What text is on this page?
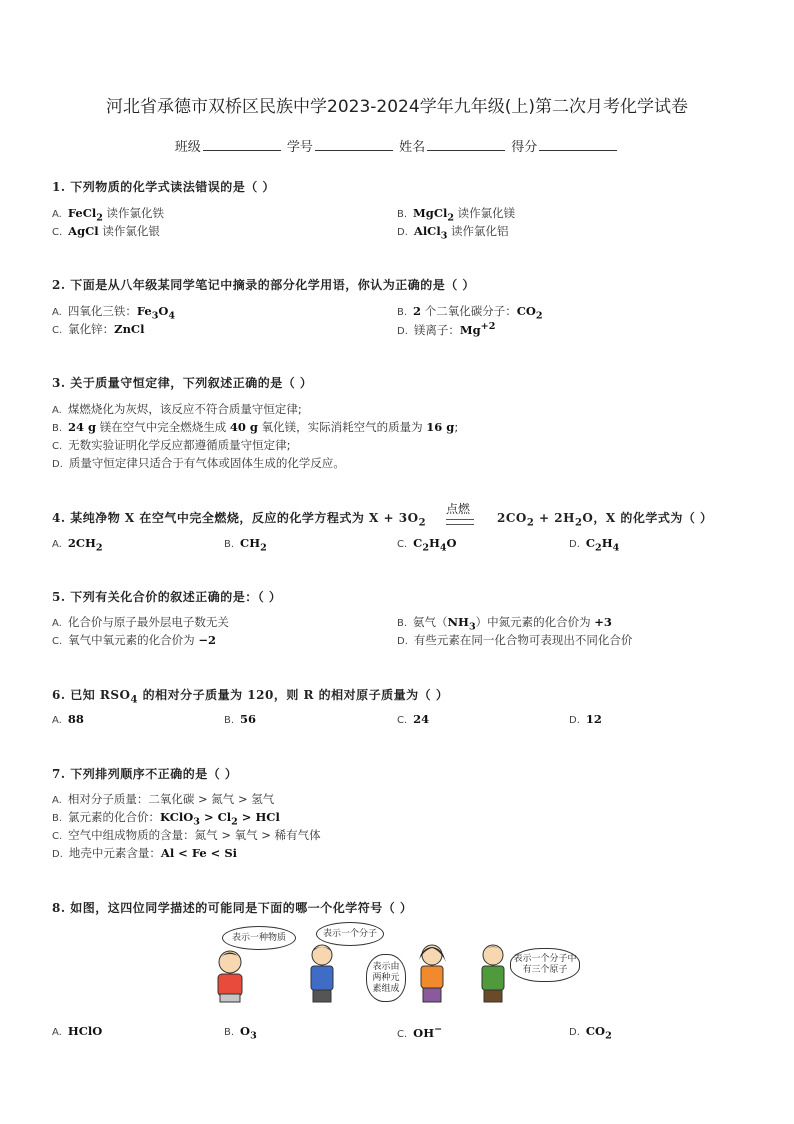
河北省承德市双桥区民族中学2023-2024学年九年级(上)第二次月考化学试卷
班级	学号	姓名	得分
1. 下列物质的化学式读法错误的是（ ）
A. FeCl$_2$ 读作氯化铁	B. MgCl$_2$ 读作氯化镁
C. AgCl 读作氯化银	D. AlCl$_3$ 读作氯化铝
2. 下面是从八年级某同学笔记中摘录的部分化学用语，你认为正确的是（ ）
A. 四氧化三铁：$Fe_3O_4$	B. 2 个二氧化碳分子：$CO_2$
C. 氯化锌：ZnCl	D. 镁离子：$Mg^{+2}$
3. 关于质量守恒定律，下列叙述正确的是（ ）
A. 煤燃烧化为灰烬，该反应不符合质量守恒定律;
B. 24 g 镁在空气中完全燃烧生成 40 g 氧化镁，实际消耗空气的质量为 16 g;
C. 无数实验证明化学反应都遵循质量守恒定律;
D. 质量守恒定律只适合于有气体或固体生成的化学反应。
4. 某纯净物 X 在空气中完全燃烧，反应的化学方程式为 $X + 3O_2$
点燃
$2CO_2 + 2H_2O$，X 的化学式为（ ）
A. $2CH_2$	B. $CH_2$	C. $C_2H_4O$	D. $C_2H_4$
5. 下列有关化合价的叙述正确的是：（ ）
A. 化合价与原子最外层电子数无关	B. 氨气$(NH_3)$中氮元素的化合价为 +3
C. 氧气中氧元素的化合价为 −2	D. 有些元素在同一化合物可表现出不同化合价
6. 已知 $RSO_4$ 的相对分子质量为 120，则 R 的相对原子质量为（ ）
A. 88	B. 56	C. 24	D. 12
7. 下列排列顺序不正确的是（ ）
A. 相对分子质量：二氧化碳 > 氮气 > 氢气
B. 氯元素的化合价：KClO$_3$ > $Cl_2$ > HCl
C. 空气中组成物质的含量：氮气 > 氧气 > 稀有气体
D. 地壳中元素含量：Al < Fe < Si
8. 如图，这四位同学描述的可能同是下面的哪一个化学符号（ ）
表示一种物质	表示一个分子
表示由两种元素组成
表示一个分子中有三个原子
A. HClO	B. $O_3$	C. OH−	D. $CO_2$
